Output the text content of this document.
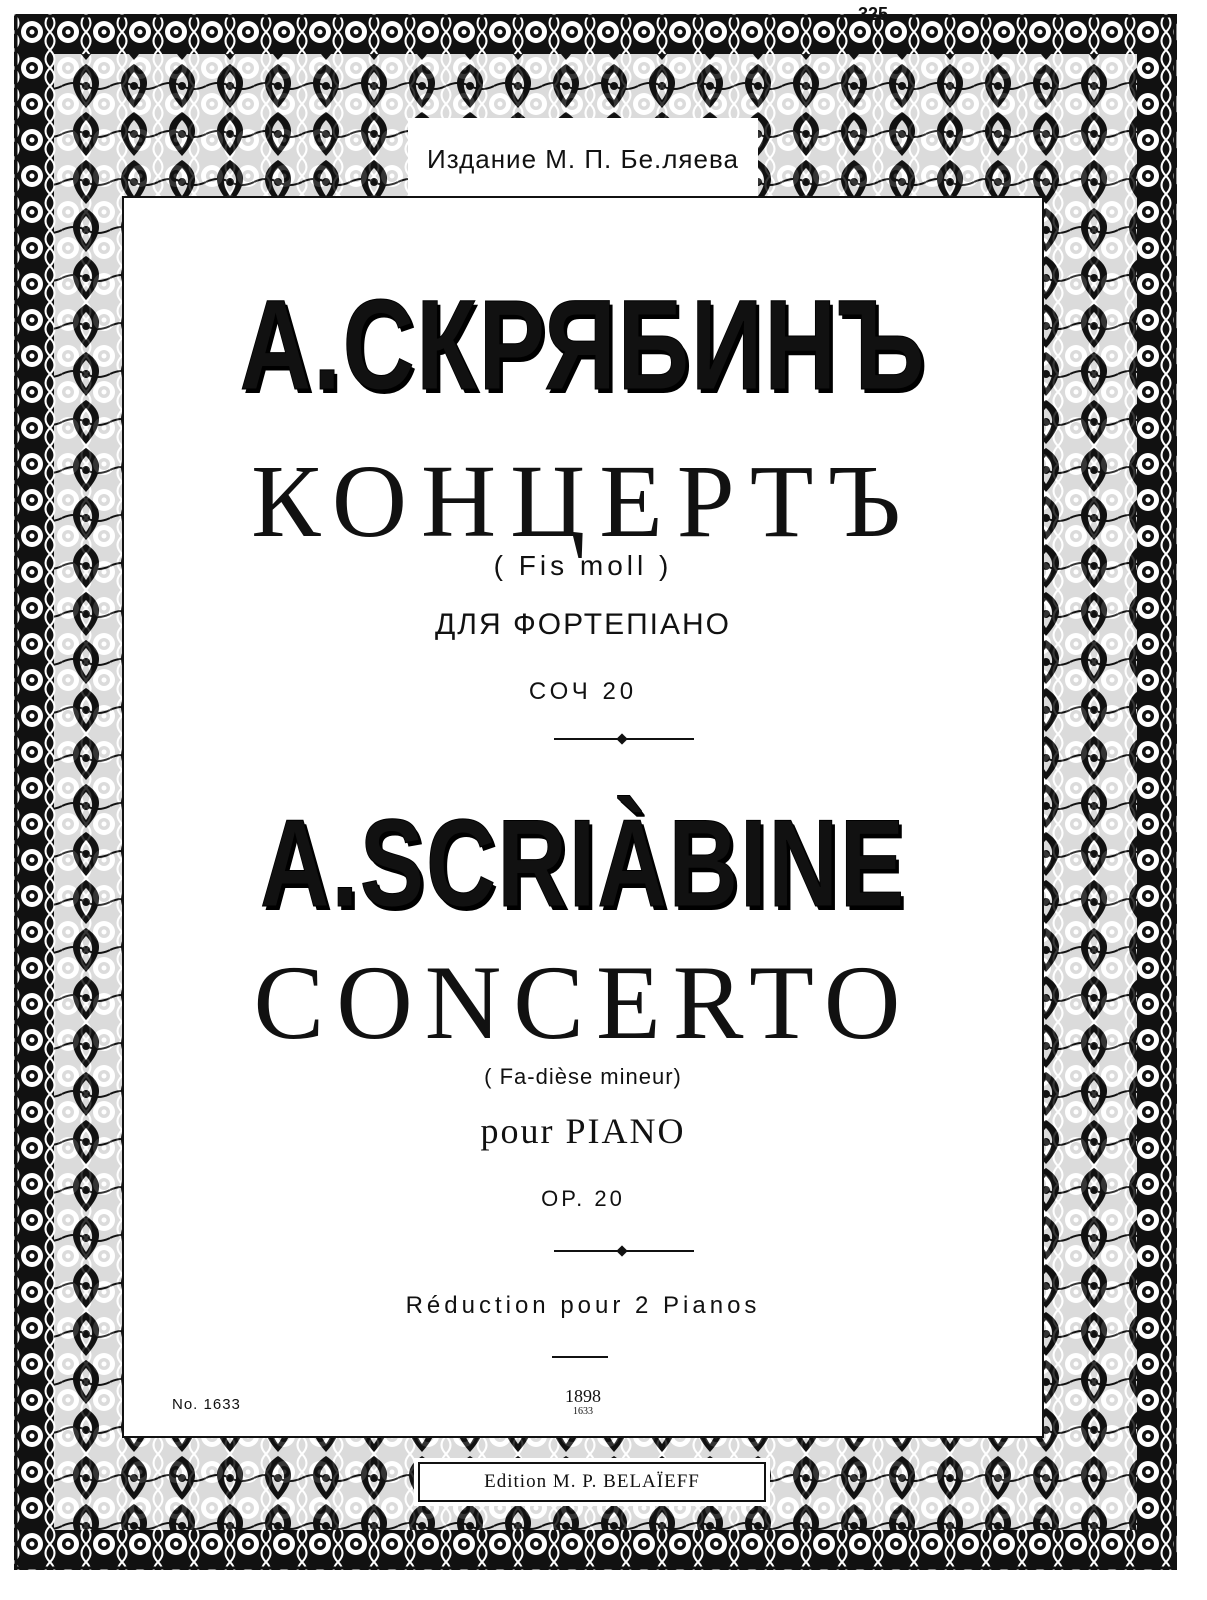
325
Издание М. П. Бе.ляева
А.СКРЯБИНЪ
КОНЦЕРТЪ
( Fis moll )
ДЛЯ ФОРТЕПIАНО
СОЧ 20
A.SCRIÀBINE
CONCERTO
( Fa-dièse mineur)
pour PIANO
OP. 20
Réduction pour 2 Pianos
No. 1633	1898
1633
Edition M. P. BELAÏEFF
